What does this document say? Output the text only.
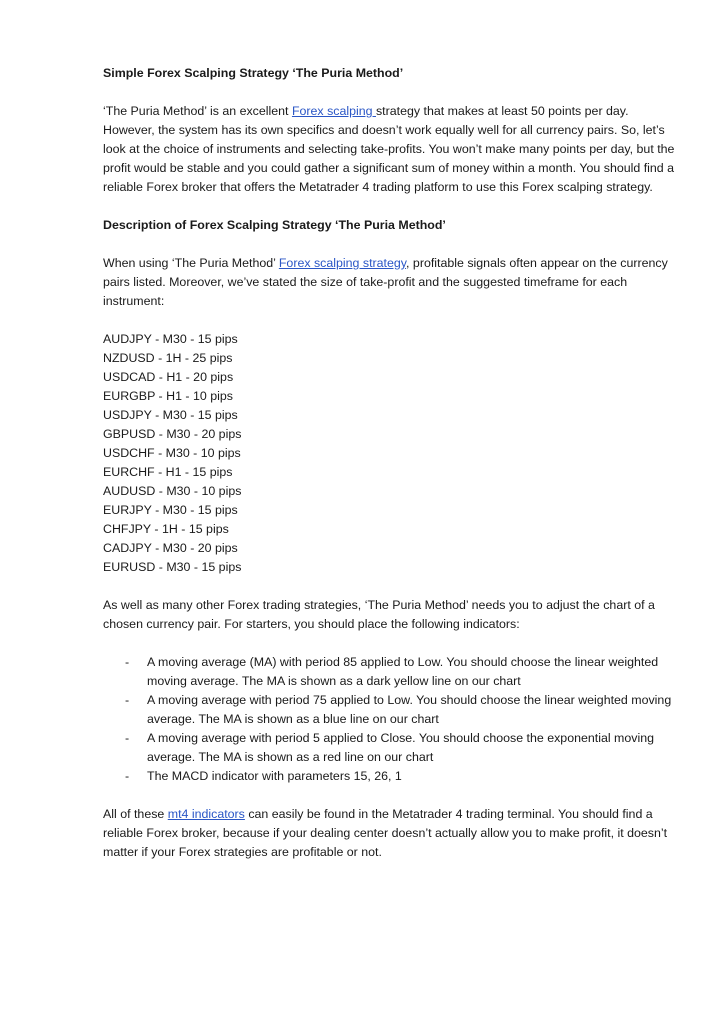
Simple Forex Scalping Strategy ‘The Puria Method’

‘The Puria Method’ is an excellent Forex scalping strategy that makes at least 50 points per day. However, the system has its own specifics and doesn’t work equally well for all currency pairs. So, let’s look at the choice of instruments and selecting take-profits. You won’t make many points per day, but the profit would be stable and you could gather a significant sum of money within a month. You should find a reliable Forex broker that offers the Metatrader 4 trading platform to use this Forex scalping strategy.

Description of Forex Scalping Strategy ‘The Puria Method’

When using ‘The Puria Method’ Forex scalping strategy, profitable signals often appear on the currency pairs listed. Moreover, we’ve stated the size of take-profit and the suggested timeframe for each instrument:

AUDJPY - M30 - 15 pips
NZDUSD - 1H - 25 pips
USDCAD - H1 - 20 pips
EURGBP - H1 - 10 pips
USDJPY - M30 - 15 pips
GBPUSD - M30 - 20 pips
USDCHF - M30 - 10 pips
EURCHF - H1 - 15 pips
AUDUSD - M30 - 10 pips
EURJPY - M30 - 15 pips
CHFJPY - 1H - 15 pips
CADJPY - M30 - 20 pips
EURUSD - M30 - 15 pips

As well as many other Forex trading strategies, ‘The Puria Method’ needs you to adjust the chart of a chosen currency pair. For starters, you should place the following indicators:

- A moving average (MA) with period 85 applied to Low. You should choose the linear weighted moving average. The MA is shown as a dark yellow line on our chart
- A moving average with period 75 applied to Low. You should choose the linear weighted moving average. The MA is shown as a blue line on our chart
- A moving average with period 5 applied to Close. You should choose the exponential moving average. The MA is shown as a red line on our chart
- The MACD indicator with parameters 15, 26, 1

All of these mt4 indicators can easily be found in the Metatrader 4 trading terminal. You should find a reliable Forex broker, because if your dealing center doesn’t actually allow you to make profit, it doesn’t matter if your Forex strategies are profitable or not.
